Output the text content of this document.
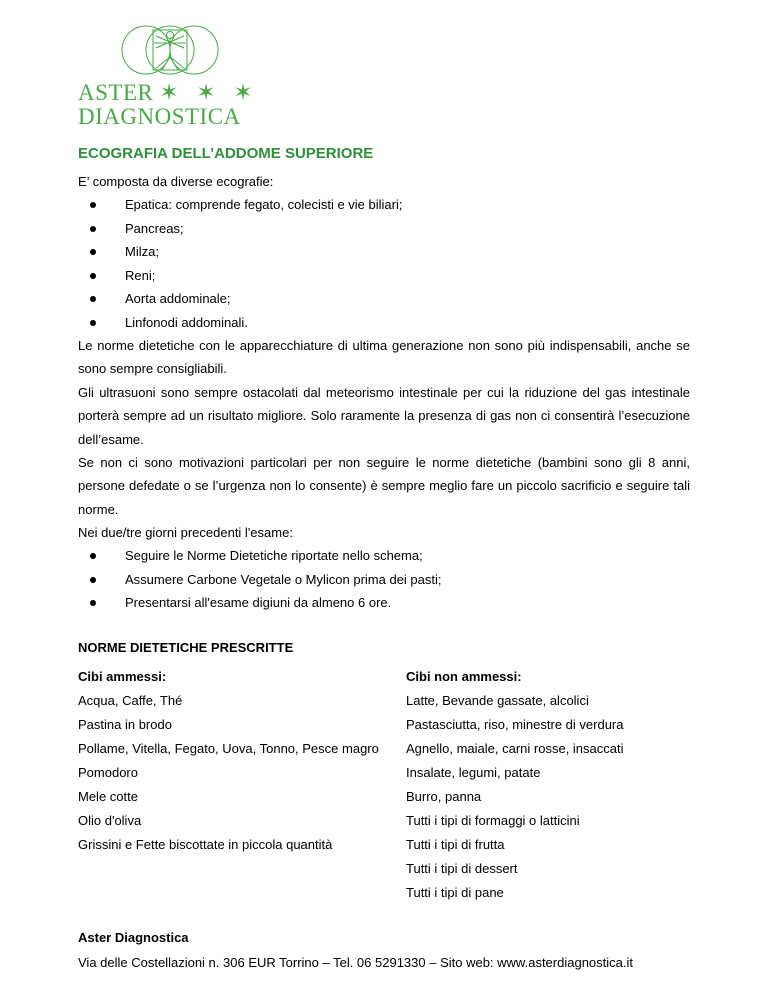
ASTER ✶ ✶ ✶
DIAGNOSTICA
ECOGRAFIA DELL’ADDOME SUPERIORE
E’ composta da diverse ecografie:
Epatica: comprende fegato, colecisti e vie biliari;
Pancreas;
Milza;
Reni;
Aorta addominale;
Linfonodi addominali.

Le norme dietetiche con le apparecchiature di ultima generazione non sono più indispensabili, anche se sono sempre consigliabili.

Gli ultrasuoni sono sempre ostacolati dal meteorismo intestinale per cui la riduzione del gas intestinale porterà sempre ad un risultato migliore. Solo raramente la presenza di gas non ci consentirà l’esecuzione dell’esame.

Se non ci sono motivazioni particolari per non seguire le norme dietetiche (bambini sono gli 8 anni, persone defedate o se l’urgenza non lo consente) è sempre meglio fare un piccolo sacrificio e seguire tali norme.

Nei due/tre giorni precedenti l'esame:
Seguire le Norme Dietetiche riportate nello schema;
Assumere Carbone Vegetale o Mylicon prima dei pasti;
Presentarsi all'esame digiuni da almeno 6 ore.
NORME DIETETICHE PRESCRITTE
Cibi ammessi:
Acqua, Caffe, Thé
Pastina in brodo
Pollame, Vitella, Fegato, Uova, Tonno, Pesce magro
Pomodoro
Mele cotte
Olio d'oliva
Grissini e Fette biscottate in piccola quantità
Cibi non ammessi:
Latte, Bevande gassate, alcolici
Pastasciutta, riso, minestre di verdura
Agnello, maiale, carni rosse, insaccati
Insalate, legumi, patate
Burro, panna
Tutti i tipi di formaggi o latticini
Tutti i tipi di frutta
Tutti i tipi di dessert
Tutti i tipi di pane
Aster Diagnostica
Via delle Costellazioni n. 306 EUR Torrino – Tel. 06 5291330 – Sito web: www.asterdiagnostica.it
